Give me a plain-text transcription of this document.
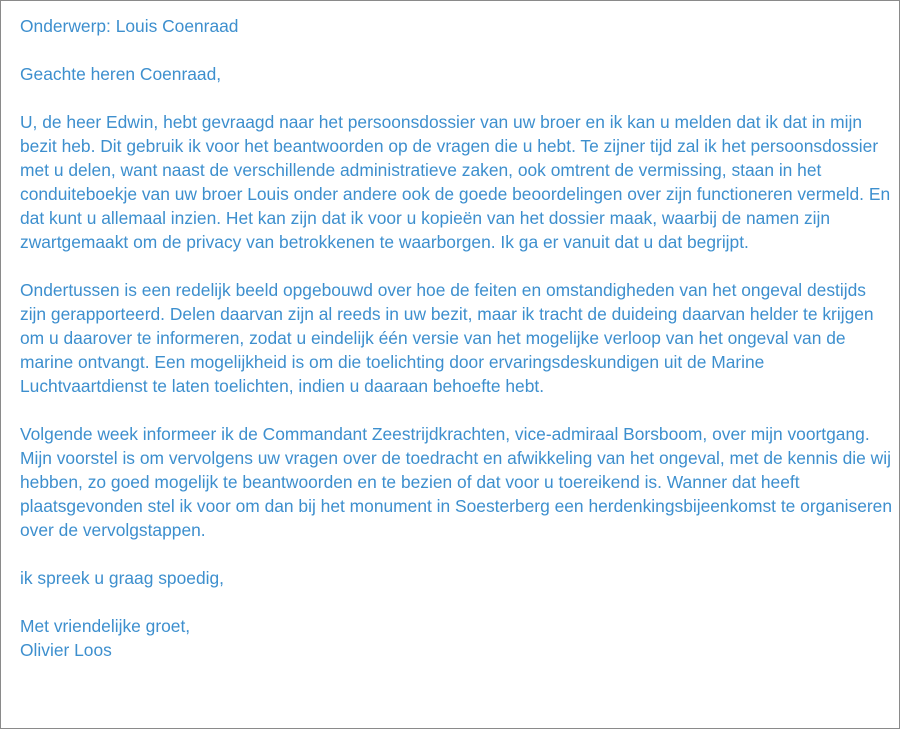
Onderwerp: Louis Coenraad

Geachte heren Coenraad,

U, de heer Edwin, hebt gevraagd naar het persoonsdossier van uw broer en ik kan u melden dat ik dat in mijn bezit heb. Dit gebruik ik voor het beantwoorden op de vragen die u hebt. Te zijner tijd zal ik het persoonsdossier met u delen, want naast de verschillende administratieve zaken, ook omtrent de vermissing, staan in het conduiteboekje van uw broer Louis onder andere ook de goede beoordelingen over zijn functioneren vermeld. En dat kunt u allemaal inzien. Het kan zijn dat ik voor u kopieën van het dossier maak, waarbij de namen zijn zwartgemaakt om de privacy van betrokkenen te waarborgen. Ik ga er vanuit dat u dat begrijpt.

Ondertussen is een redelijk beeld opgebouwd over hoe de feiten en omstandigheden van het ongeval destijds zijn gerapporteerd. Delen daarvan zijn al reeds in uw bezit, maar ik tracht de duideing daarvan helder te krijgen om u daarover te informeren, zodat u eindelijk één versie van het mogelijke verloop van het ongeval van de marine ontvangt. Een mogelijkheid is om die toelichting door ervaringsdeskundigen uit de Marine Luchtvaartdienst te laten toelichten, indien u daaraan behoefte hebt.

Volgende week informeer ik de Commandant Zeestrijdkrachten, vice-admiraal Borsboom, over mijn voortgang. Mijn voorstel is om vervolgens uw vragen over de toedracht en afwikkeling van het ongeval, met de kennis die wij hebben, zo goed mogelijk te beantwoorden en te bezien of dat voor u toereikend is. Wanner dat heeft plaatsgevonden stel ik voor om dan bij het monument in Soesterberg een herdenkingsbijeenkomst te organiseren over de vervolgstappen.

ik spreek u graag spoedig,

Met vriendelijke groet,

Olivier Loos
